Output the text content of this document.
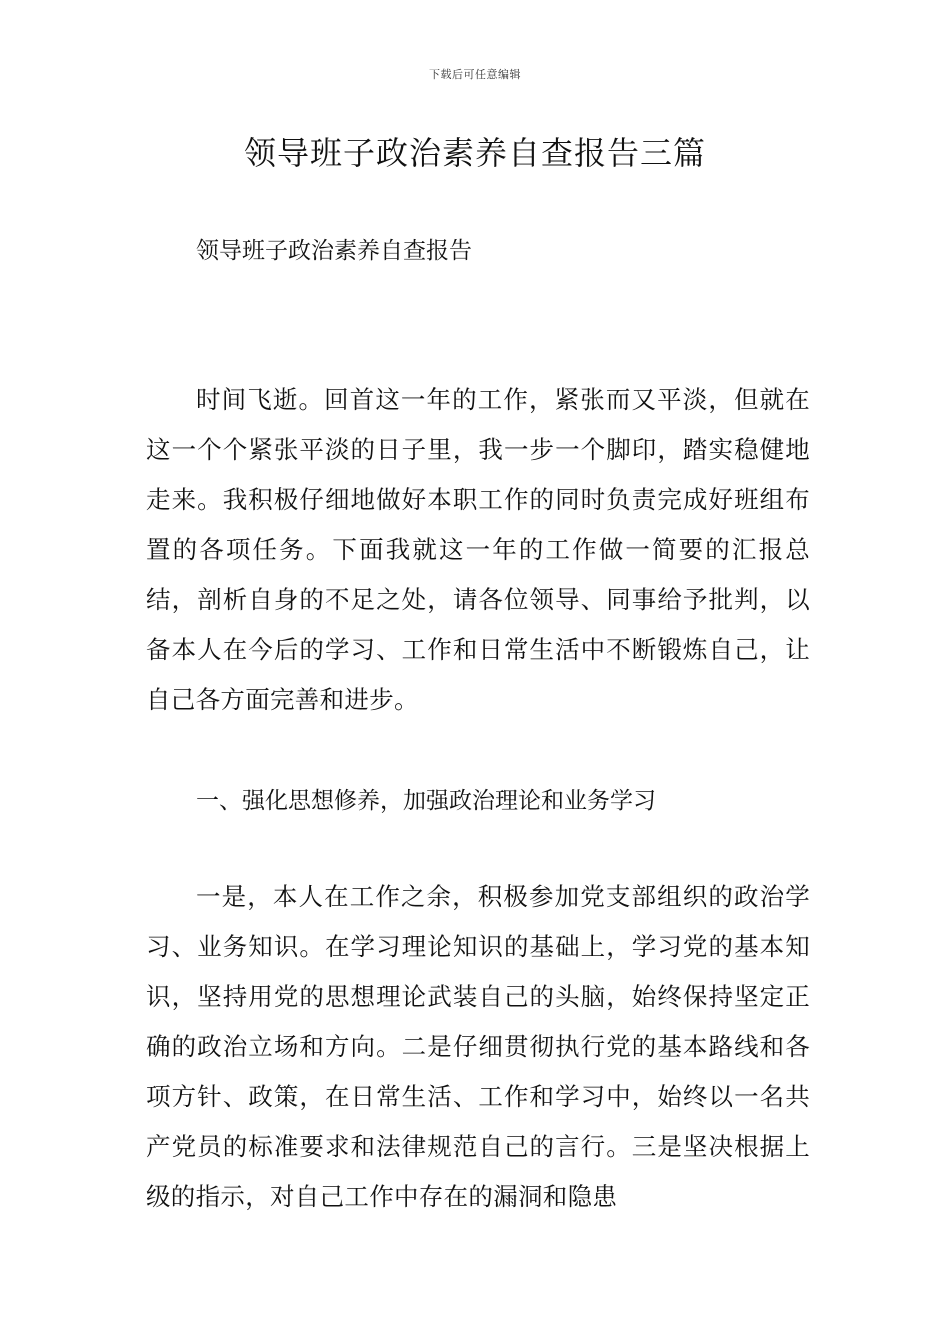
下载后可任意编辑
领导班子政治素养自查报告三篇

领导班子政治素养自查报告

时间飞逝。回首这一年的工作，紧张而又平淡，但就在这一个个紧张平淡的日子里，我一步一个脚印，踏实稳健地走来。我积极仔细地做好本职工作的同时负责完成好班组布置的各项任务。下面我就这一年的工作做一简要的汇报总结，剖析自身的不足之处，请各位领导、同事给予批判，以备本人在今后的学习、工作和日常生活中不断锻炼自己，让自己各方面完善和进步。

一、强化思想修养，加强政治理论和业务学习

一是，本人在工作之余，积极参加党支部组织的政治学习、业务知识。在学习理论知识的基础上，学习党的基本知识，坚持用党的思想理论武装自己的头脑，始终保持坚定正确的政治立场和方向。二是仔细贯彻执行党的基本路线和各项方针、政策，在日常生活、工作和学习中，始终以一名共产党员的标准要求和法律规范自己的言行。三是坚决根据上级的指示，对自己工作中存在的漏洞和隐患
